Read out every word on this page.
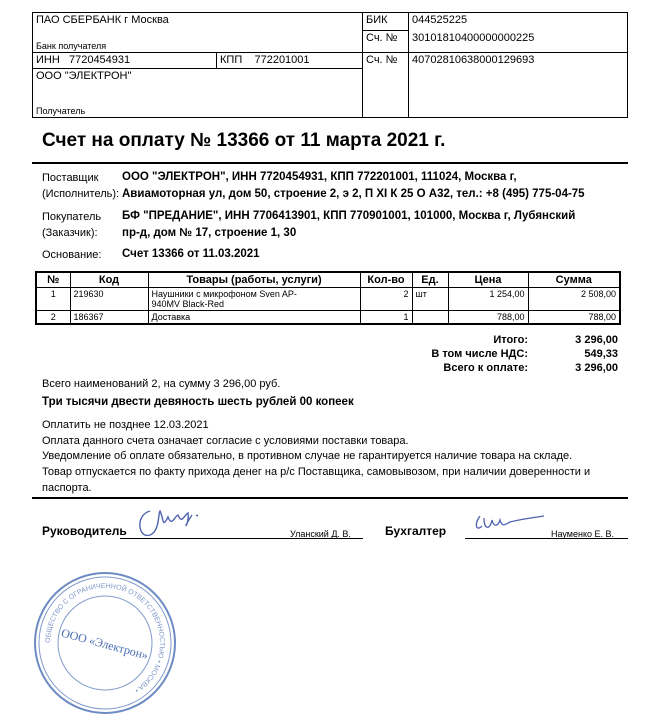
ПАО СБЕРБАНК г Москва
Банк получателя		БИК	044525225
		Сч. №	30101810400000000225
ИНН 7720454931	КПП 772201001	Сч. №	40702810638000129693

ООО "ЭЛЕКТРОН"
Получатель			
Счет на оплату № 13366 от 11 марта 2021 г.
Поставщик
(Исполнитель):
ООО "ЭЛЕКТРОН", ИНН 7720454931, КПП 772201001, 111024, Москва г,
Авиамоторная ул, дом 50, строение 2, э 2, П XI К 25 О А32, тел.: +8 (495) 775-04-75
Покупатель
(Заказчик):
БФ "ПРЕДАНИЕ", ИНН 7706413901, КПП 770901001, 101000, Москва г, Лубянский
пр-д, дом № 17, строение 1, 30
Основание: Счет 13366 от 11.03.2021
№	Код	Товары (работы, услуги)	Кол-во	Ед.	Цена	Сумма
1	219630	Наушники с микрофоном Sven AP-940MV Black-Red	2	шт	1 254,00	2 508,00
2	186367	Доставка	1		788,00	788,00
Итого:	3 296,00
В том числе НДС:	549,33
Всего к оплате:	3 296,00
Всего наименований 2, на сумму 3 296,00 руб.
Три тысячи двести девяность шесть рублей 00 копеек
Оплатить не позднее 12.03.2021
Оплата данного счета означает согласие с условиями поставки товара.
Уведомление об оплате обязательно, в противном случае не гарантируется наличие товара на складе.
Товар отпускается по факту прихода денег на р/с Поставщика, самовывозом, при наличии доверенности и
паспорта.
Руководитель	Уланский Д. В.	Бухгалтер	Науменко Е. В.
ОБЩЕСТВО С ОГРАНИЧЕННОЙ ОТВЕТСТВЕННОСТЬЮ • МОСКВА •
ООО «Электрон»
